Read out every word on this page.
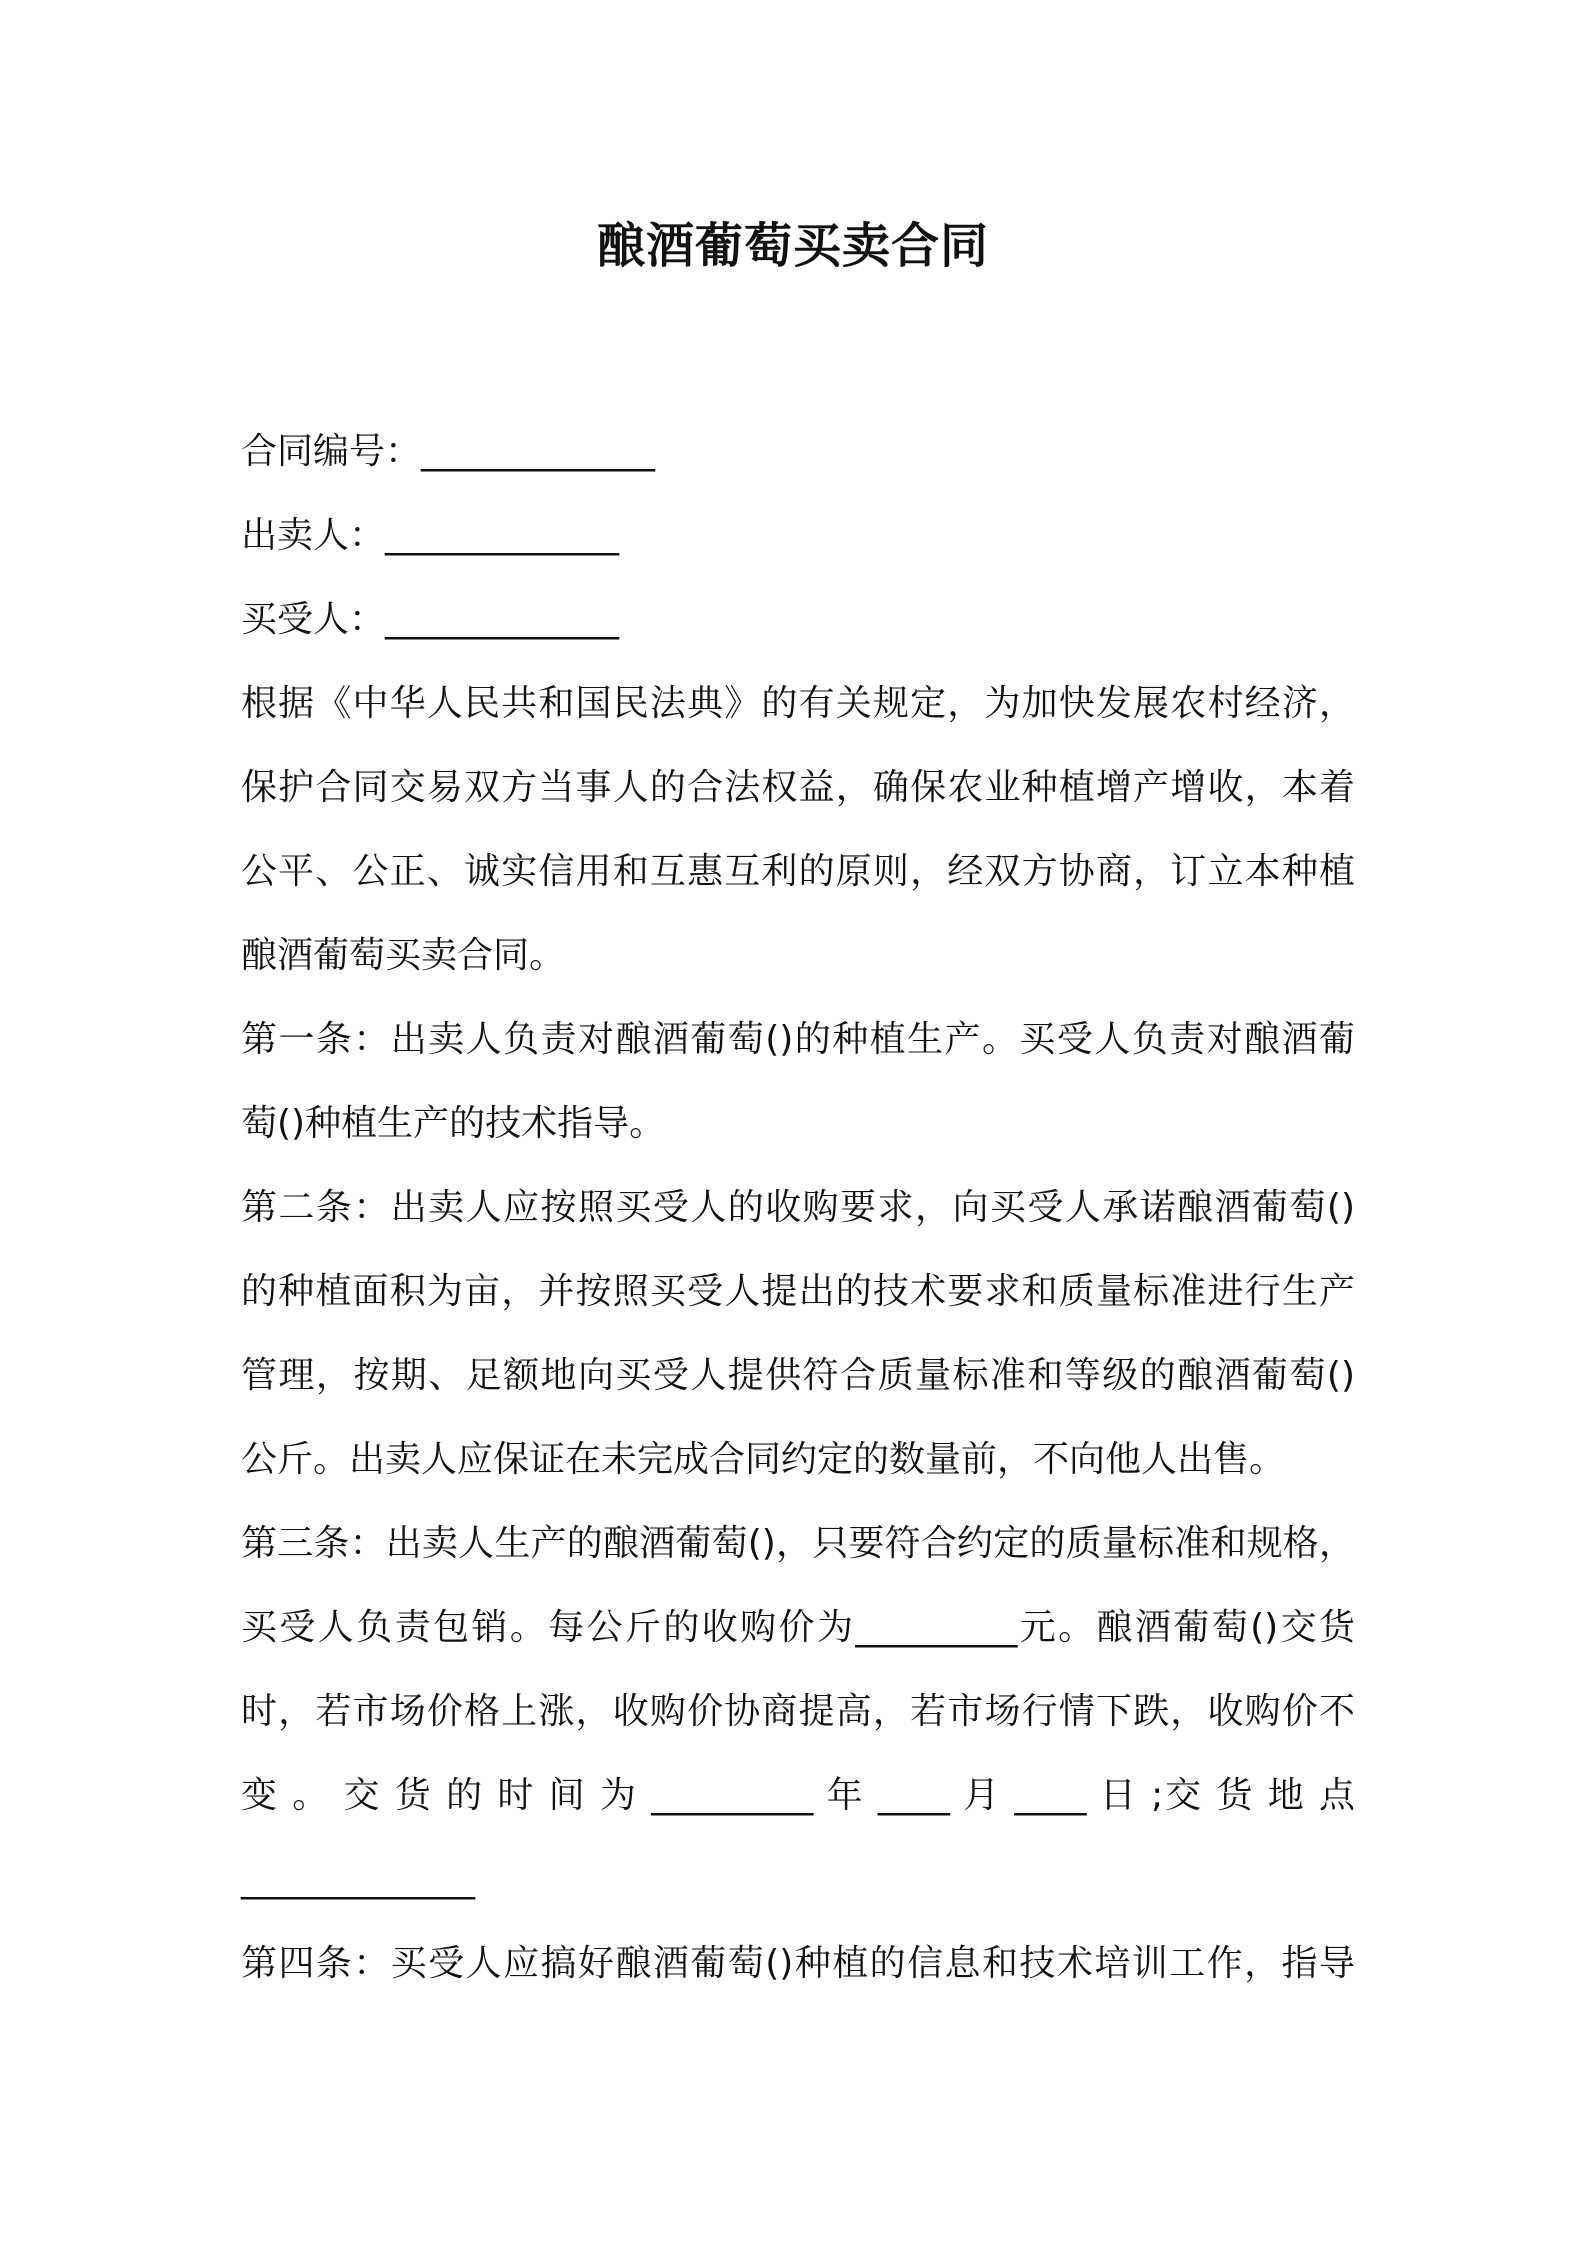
酿酒葡萄买卖合同

合同编号：_____________

出卖人：_____________

买受人：_____________

根据《中华人民共和国民法典》的有关规定，为加快发展农村经济，

保护合同交易双方当事人的合法权益，确保农业种植增产增收，本着

公平、公正、诚实信用和互惠互利的原则，经双方协商，订立本种植

酿酒葡萄买卖合同。

第一条：出卖人负责对酿酒葡萄()的种植生产。买受人负责对酿酒葡

萄()种植生产的技术指导。

第二条：出卖人应按照买受人的收购要求，向买受人承诺酿酒葡萄()

的种植面积为亩，并按照买受人提出的技术要求和质量标准进行生产

管理，按期、足额地向买受人提供符合质量标准和等级的酿酒葡萄()

公斤。出卖人应保证在未完成合同约定的数量前，不向他人出售。

第三条：出卖人生产的酿酒葡萄()，只要符合约定的质量标准和规格，

买受人负责包销。每公斤的收购价为_________元。酿酒葡萄()交货

时，若市场价格上涨，收购价协商提高，若市场行情下跌，收购价不

变 。 交 货 的 时 间 为 _________ 年 ____ 月 ____ 日 ;交 货 地 点

_____________

第四条：买受人应搞好酿酒葡萄()种植的信息和技术培训工作，指导
